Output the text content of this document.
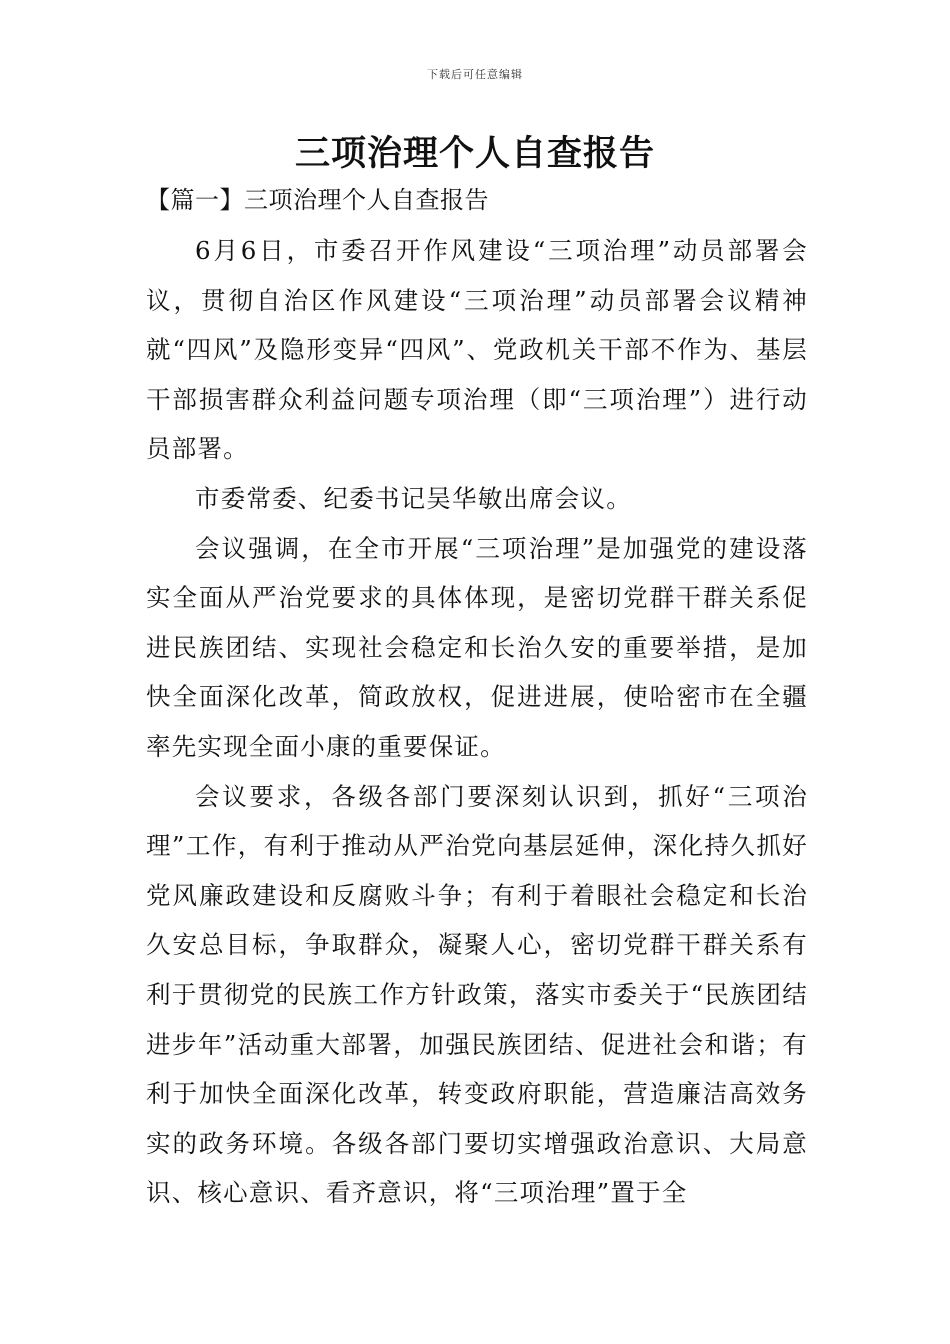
下载后可任意编辑
三项治理个人自查报告
【篇一】三项治理个人自查报告

6月6日，市委召开作风建设“三项治理”动员部署会议，贯彻自治区作风建设“三项治理”动员部署会议精神就“四风”及隐形变异“四风”、党政机关干部不作为、基层干部损害群众利益问题专项治理（即“三项治理”）进行动员部署。

市委常委、纪委书记吴华敏出席会议。

会议强调，在全市开展“三项治理”是加强党的建设落实全面从严治党要求的具体体现，是密切党群干群关系促进民族团结、实现社会稳定和长治久安的重要举措，是加快全面深化改革，简政放权，促进进展，使哈密市在全疆率先实现全面小康的重要保证。

会议要求，各级各部门要深刻认识到，抓好“三项治理”工作，有利于推动从严治党向基层延伸，深化持久抓好党风廉政建设和反腐败斗争；有利于着眼社会稳定和长治久安总目标，争取群众，凝聚人心，密切党群干群关系有利于贯彻党的民族工作方针政策，落实市委关于“民族团结进步年”活动重大部署，加强民族团结、促进社会和谐；有利于加快全面深化改革，转变政府职能，营造廉洁高效务实的政务环境。各级各部门要切实增强政治意识、大局意识、核心意识、看齐意识，将“三项治理”置于全
